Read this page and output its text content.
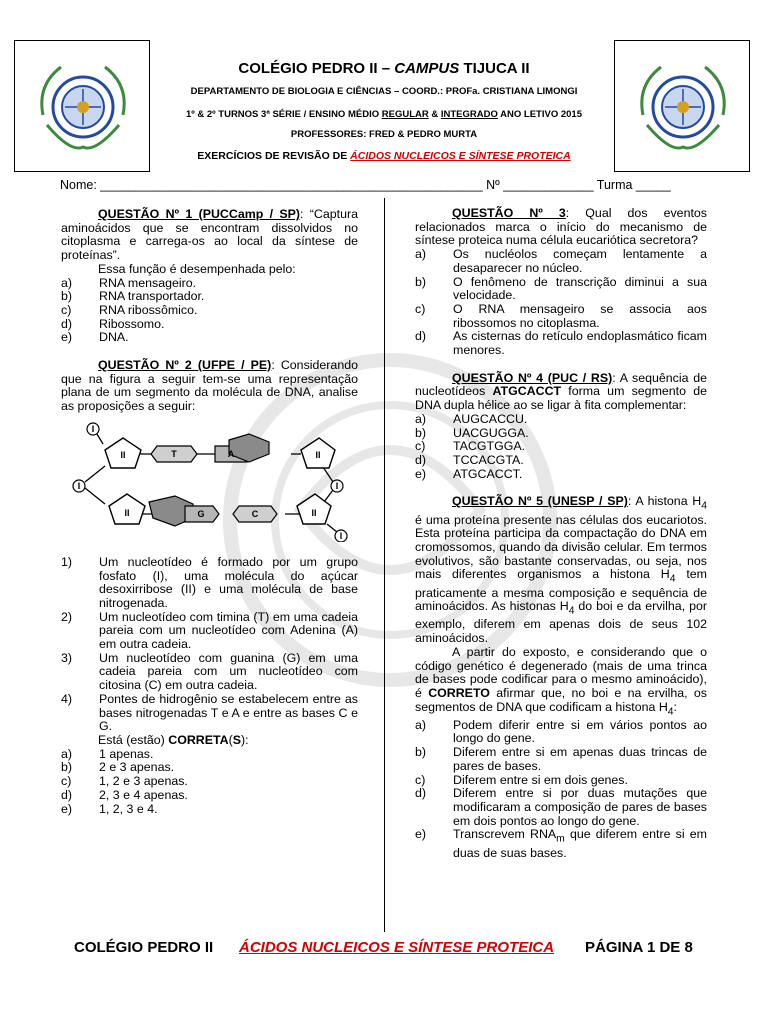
COLÉGIO PEDRO II – CAMPUS TIJUCA II
DEPARTAMENTO DE BIOLOGIA E CIÊNCIAS – COORD.: PROFa. CRISTIANA LIMONGI
1º & 2º TURNOS 3ª SÉRIE / ENSINO MÉDIO REGULAR & INTEGRADO ANO LETIVO 2015
PROFESSORES: FRED & PEDRO MURTA
EXERCÍCIOS DE REVISÃO DE ÁCIDOS NUCLEICOS E SÍNTESE PROTEICA
Nome: _______________________________________________________ Nº _____________ Turma _____

QUESTÃO Nº 1 (PUCCamp / SP): “Captura aminoácidos que se encontram dissolvidos no citoplasma e carrega-os ao local da síntese de proteínas”.

Essa função é desempenhada pelo:

a)	RNA mensageiro.
b)	RNA transportador.
c)	RNA ribossômico.
d)	Ribossomo.
e)	DNA.

QUESTÃO Nº 2 (UFPE / PE): Considerando que na figura a seguir tem-se uma representação plana de um segmento da molécula de DNA, analise as proposições a seguir:

I
I
I
I
II	II
II	II
T	A
G	C
1)	Um nucleotídeo é formado por um grupo fosfato (I), uma molécula do açúcar desoxirribose (II) e uma molécula de base nitrogenada.
2)	Um nucleotídeo com timina (T) em uma cadeia pareia com um nucleotídeo com Adenina (A) em outra cadeia.
3)	Um nucleotídeo com guanina (G) em uma cadeia pareia com um nucleotídeo com citosina (C) em outra cadeia.
4)	Pontes de hidrogênio se estabelecem entre as bases nitrogenadas T e A e entre as bases C e G.

Está (estão) CORRETA(S):

a)	1 apenas.
b)	2 e 3 apenas.
c)	1, 2 e 3 apenas.
d)	2, 3 e 4 apenas.
e)	1, 2, 3 e 4.

QUESTÃO Nº 3: Qual dos eventos relacionados marca o início do mecanismo de síntese proteica numa célula eucariótica secretora?

a)	Os nucléolos começam lentamente a desaparecer no núcleo.
b)	O fenômeno de transcrição diminui a sua velocidade.
c)	O RNA mensageiro se associa aos ribossomos no citoplasma.
d)	As cisternas do retículo endoplasmático ficam menores.

QUESTÃO Nº 4 (PUC / RS): A sequência de nucleotídeos ATGCACCT forma um segmento de DNA dupla hélice ao se ligar à fita complementar:

a)	AUGCACCU.
b)	UACGUGGA.
c)	TACGTGGA.
d)	TCCACGTA.
e)	ATGCACCT.

QUESTÃO Nº 5 (UNESP / SP): A histona $H_4$ é uma proteína presente nas células dos eucariotos. Esta proteína participa da compactação do DNA em cromossomos, quando da divisão celular. Em termos evolutivos, são bastante conservadas, ou seja, nos mais diferentes organismos a histona $H_4$ tem praticamente a mesma composição e sequência de aminoácidos. As histonas $H_4$ do boi e da ervilha, por exemplo, diferem em apenas dois de seus 102 aminoácidos.

A partir do exposto, e considerando que o código genético é degenerado (mais de uma trinca de bases pode codificar para o mesmo aminoácido), é CORRETO afirmar que, no boi e na ervilha, os segmentos de DNA que codificam a histona $H_4$:

a)	Podem diferir entre si em vários pontos ao longo do gene.
b)	Diferem entre si em apenas duas trincas de pares de bases.
c)	Diferem entre si em dois genes.
d)	Diferem entre si por duas mutações que modificaram a composição de pares de bases em dois pontos ao longo do gene.
e)	Transcrevem $RNA_m$ que diferem entre si em duas de suas bases.
COLÉGIO PEDRO II ÁCIDOS NUCLEICOS E SÍNTESE PROTEICA PÁGINA 1 DE 8
